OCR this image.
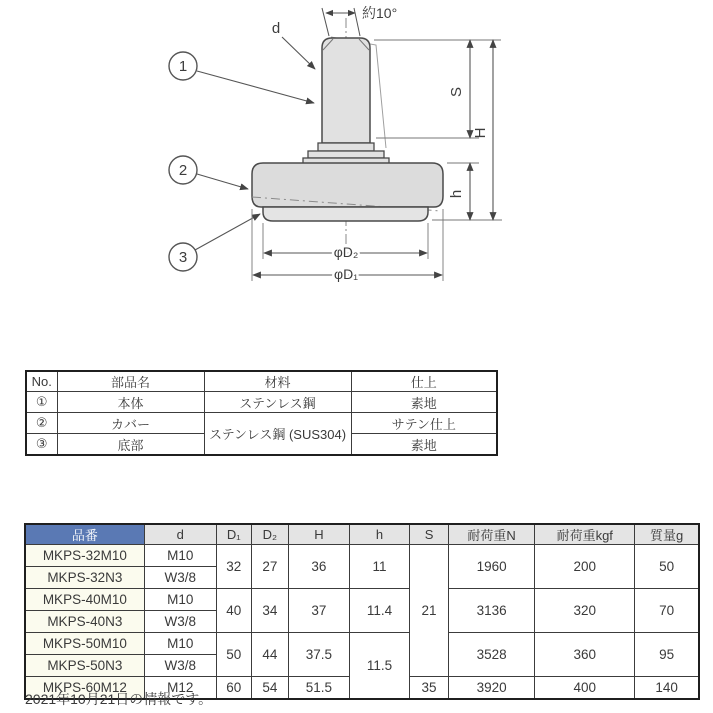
1
2
3
d
約10°
S
H
h
φD₂
φD₁
No.	部品名	材料	仕上
①	本体	ステンレス鋼	素地
②	カバー	ステンレス鋼 (SUS304)	サテン仕上
③	底部		素地
品番	d	D₁	D₂	H	h	S	耐荷重N	耐荷重kgf	質量g
MKPS-32M10	M10	32	27	36	11	21	1960	200	50
MKPS-32N3	W3/8								
MKPS-40M10	M10	40	34	37	11.4		3136	320	70
MKPS-40N3	W3/8								
MKPS-50M10	M10	50	44	37.5	11.5		3528	360	95
MKPS-50N3	W3/8								
MKPS-60M12	M12	60	54	51.5		35	3920	400	140
2021年10月21日の情報です。
